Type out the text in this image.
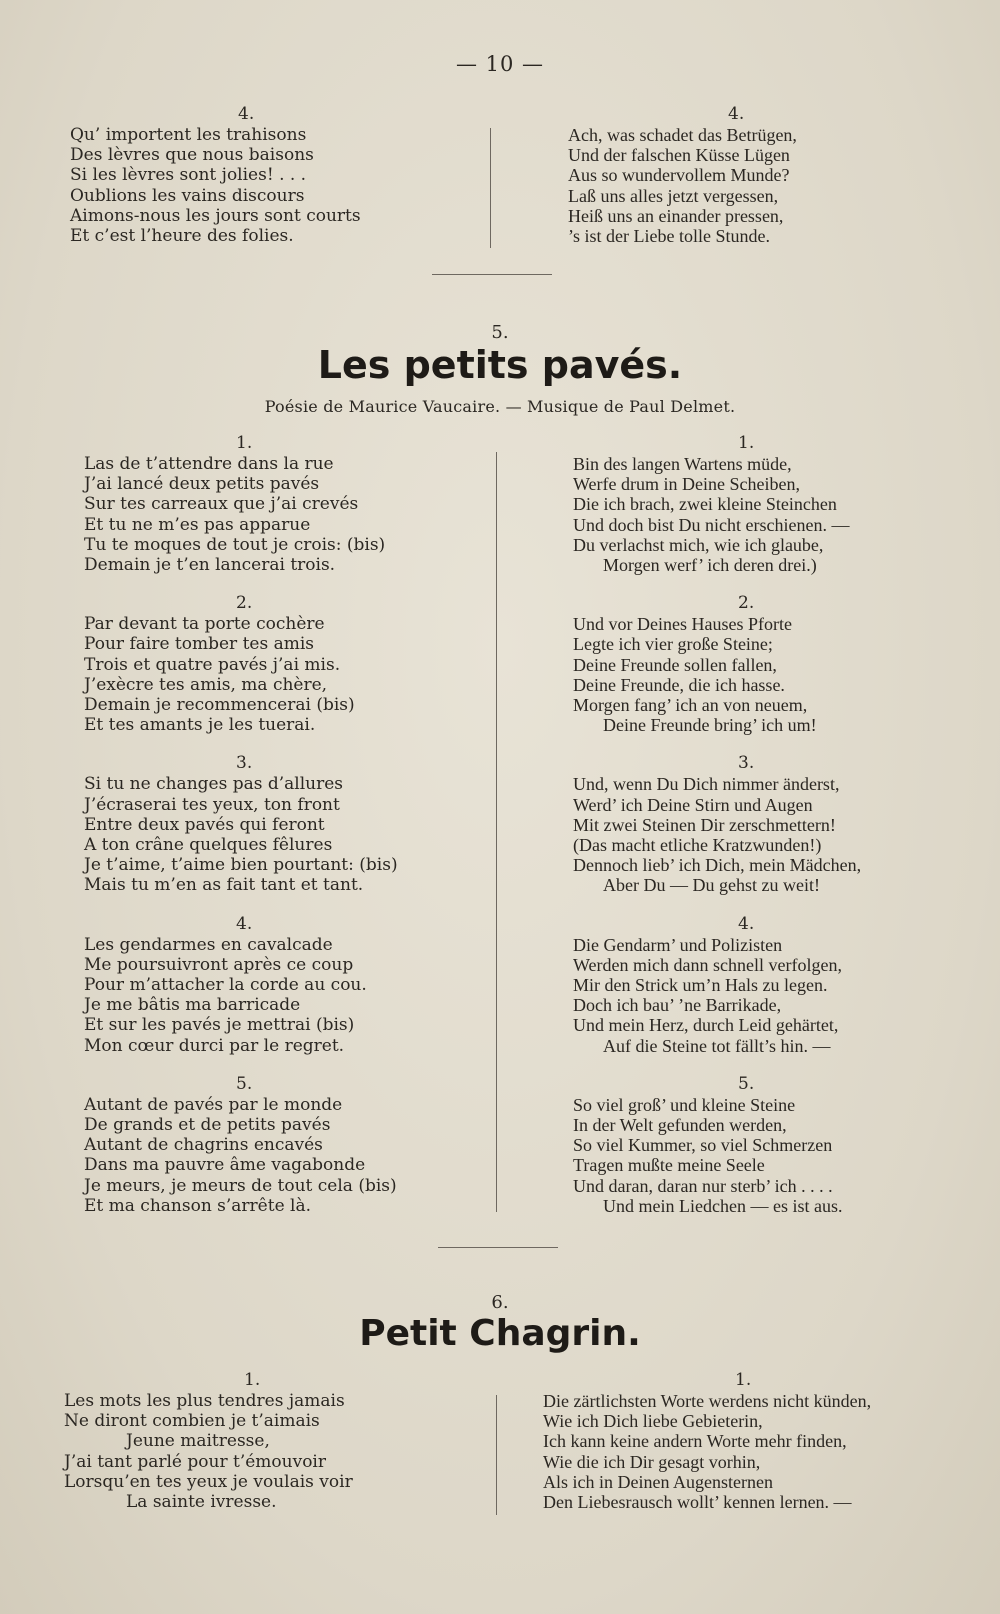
— 10 —
4.
Qu’ importent les trahisons
Des lèvres que nous baisons
Si les lèvres sont jolies! . . .
Oublions les vains discours
Aimons-nous les jours sont courts
Et c’est l’heure des folies.
4.
Ach, was schadet das Betrügen,
Und der falschen Küsse Lügen
Aus so wundervollem Munde?
Laß uns alles jetzt vergessen,
Heiß uns an einander pressen,
’s ist der Liebe tolle Stunde.
5.
Les petits pavés.
Poésie de Maurice Vaucaire. — Musique de Paul Delmet.
1.
Las de t’attendre dans la rue
J’ai lancé deux petits pavés
Sur tes carreaux que j’ai crevés
Et tu ne m’es pas apparue
Tu te moques de tout je crois: (bis)
Demain je t’en lancerai trois.
2.
Par devant ta porte cochère
Pour faire tomber tes amis
Trois et quatre pavés j’ai mis.
J’exècre tes amis, ma chère,
Demain je recommencerai (bis)
Et tes amants je les tuerai.
3.
Si tu ne changes pas d’allures
J’écraserai tes yeux, ton front
Entre deux pavés qui feront
A ton crâne quelques fêlures
Je t’aime, t’aime bien pourtant: (bis)
Mais tu m’en as fait tant et tant.
4.
Les gendarmes en cavalcade
Me poursuivront après ce coup
Pour m’attacher la corde au cou.
Je me bâtis ma barricade
Et sur les pavés je mettrai (bis)
Mon cœur durci par le regret.
5.
Autant de pavés par le monde
De grands et de petits pavés
Autant de chagrins encavés
Dans ma pauvre âme vagabonde
Je meurs, je meurs de tout cela (bis)
Et ma chanson s’arrête là.
1.
Bin des langen Wartens müde,
Werfe drum in Deine Scheiben,
Die ich brach, zwei kleine Steinchen
Und doch bist Du nicht erschienen. —
Du verlachst mich, wie ich glaube,
Morgen werf’ ich deren drei.)
2.
Und vor Deines Hauses Pforte
Legte ich vier große Steine;
Deine Freunde sollen fallen,
Deine Freunde, die ich hasse.
Morgen fang’ ich an von neuem,
Deine Freunde bring’ ich um!
3.
Und, wenn Du Dich nimmer änderst,
Werd’ ich Deine Stirn und Augen
Mit zwei Steinen Dir zerschmettern!
(Das macht etliche Kratzwunden!)
Dennoch lieb’ ich Dich, mein Mädchen,
Aber Du — Du gehst zu weit!
4.
Die Gendarm’ und Polizisten
Werden mich dann schnell verfolgen,
Mir den Strick um’n Hals zu legen.
Doch ich bau’ ’ne Barrikade,
Und mein Herz, durch Leid gehärtet,
Auf die Steine tot fällt’s hin. —
5.
So viel groß’ und kleine Steine
In der Welt gefunden werden,
So viel Kummer, so viel Schmerzen
Tragen mußte meine Seele
Und daran, daran nur sterb’ ich . . . .
Und mein Liedchen — es ist aus.
6.
Petit Chagrin.
1.
Les mots les plus tendres jamais
Ne diront combien je t’aimais
Jeune maitresse,
J’ai tant parlé pour t’émouvoir
Lorsqu’en tes yeux je voulais voir
La sainte ivresse.
1.
Die zärtlichsten Worte werdens nicht künden,
Wie ich Dich liebe Gebieterin,
Ich kann keine andern Worte mehr finden,
Wie die ich Dir gesagt vorhin,
Als ich in Deinen Augensternen
Den Liebesrausch wollt’ kennen lernen. —
